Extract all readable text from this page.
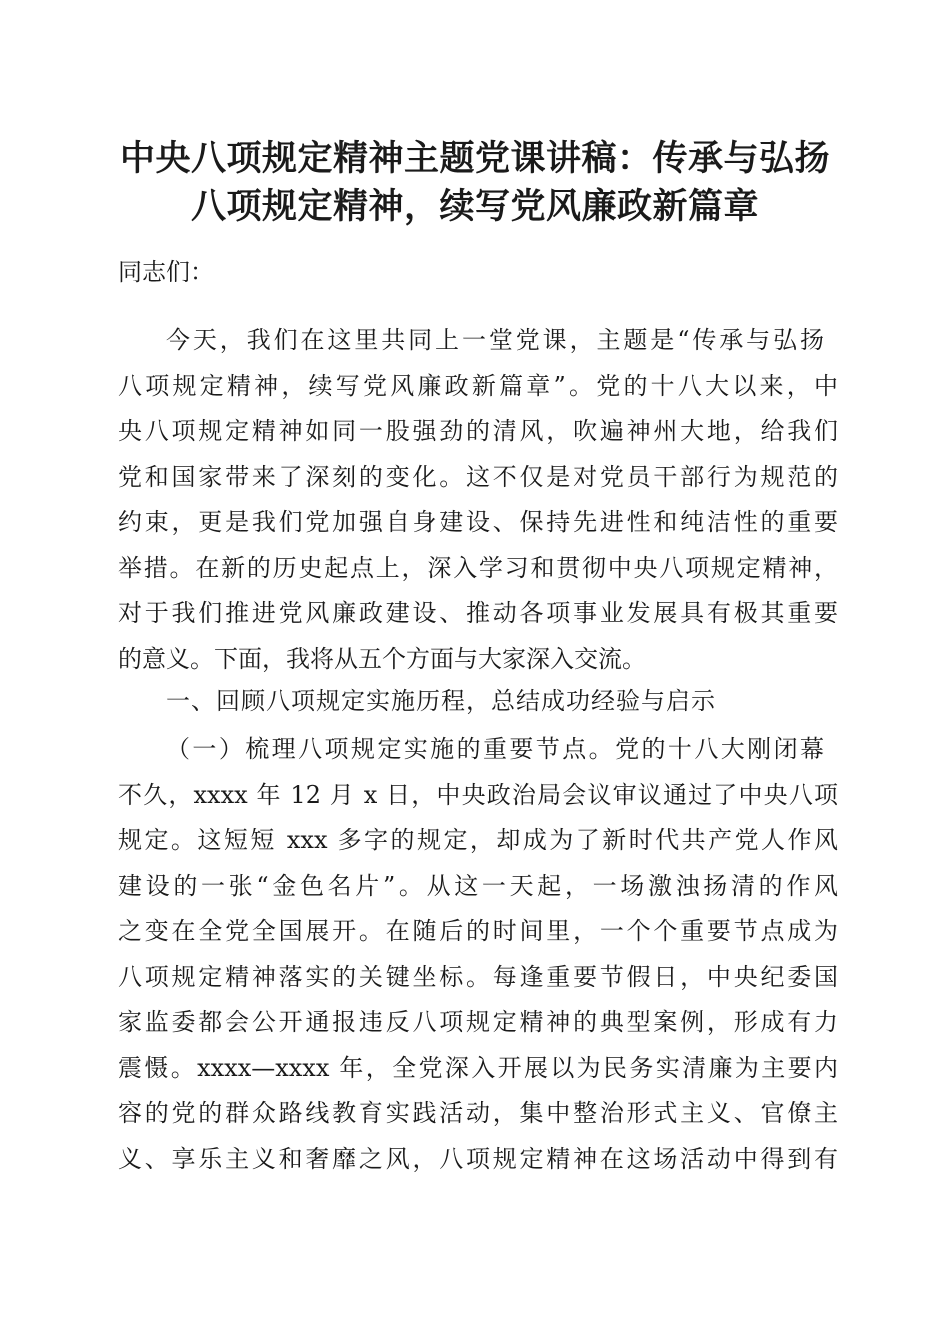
中央八项规定精神主题党课讲稿：传承与弘扬
八项规定精神，续写党风廉政新篇章
同志们：
今天，我们在这里共同上一堂党课，主题是“传承与弘扬
八项规定精神，续写党风廉政新篇章”。党的十八大以来，中
央八项规定精神如同一股强劲的清风，吹遍神州大地，给我们
党和国家带来了深刻的变化。这不仅是对党员干部行为规范的
约束，更是我们党加强自身建设、保持先进性和纯洁性的重要
举措。在新的历史起点上，深入学习和贯彻中央八项规定精神，
对于我们推进党风廉政建设、推动各项事业发展具有极其重要
的意义。下面，我将从五个方面与大家深入交流。
一、回顾八项规定实施历程，总结成功经验与启示
（一）梳理八项规定实施的重要节点。党的十八大刚闭幕
不久，xxxx 年 12 月 x 日，中央政治局会议审议通过了中央八项
规定。这短短 xxx 多字的规定，却成为了新时代共产党人作风
建设的一张“金色名片”。从这一天起，一场激浊扬清的作风
之变在全党全国展开。在随后的时间里，一个个重要节点成为
八项规定精神落实的关键坐标。每逢重要节假日，中央纪委国
家监委都会公开通报违反八项规定精神的典型案例，形成有力
震慑。xxxx—xxxx 年，全党深入开展以为民务实清廉为主要内
容的党的群众路线教育实践活动，集中整治形式主义、官僚主
义、享乐主义和奢靡之风，八项规定精神在这场活动中得到有
